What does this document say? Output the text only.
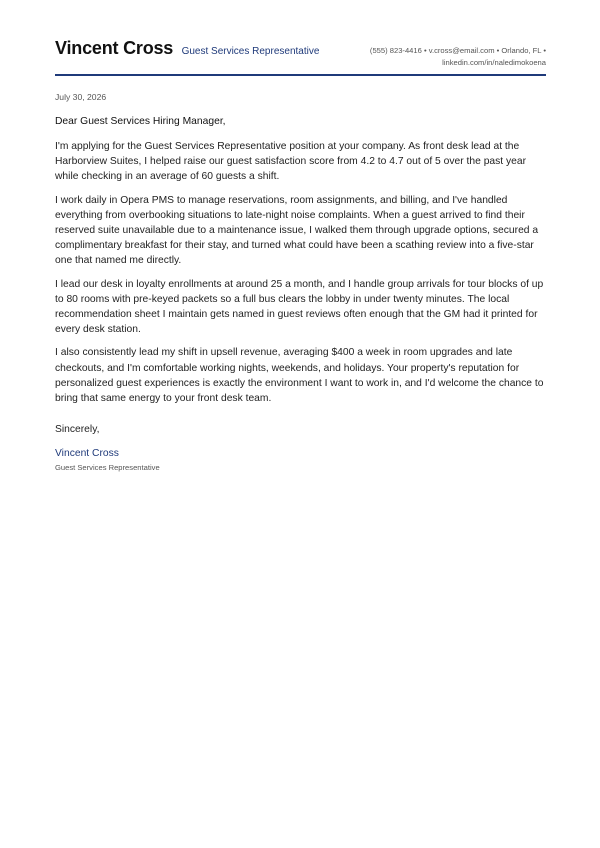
Vincent Cross Guest Services Representative	(555) 823-4416 • v.cross@email.com • Orlando, FL •
linkedin.com/in/naledimokoena
July 30, 2026
Dear Guest Services Hiring Manager,

I'm applying for the Guest Services Representative position at your company. As front desk lead at the Harborview Suites, I helped raise our guest satisfaction score from 4.2 to 4.7 out of 5 over the past year while checking in an average of 60 guests a shift.

I work daily in Opera PMS to manage reservations, room assignments, and billing, and I've handled everything from overbooking situations to late-night noise complaints. When a guest arrived to find their reserved suite unavailable due to a maintenance issue, I walked them through upgrade options, secured a complimentary breakfast for their stay, and turned what could have been a scathing review into a five-star one that named me directly.

I lead our desk in loyalty enrollments at around 25 a month, and I handle group arrivals for tour blocks of up to 80 rooms with pre-keyed packets so a full bus clears the lobby in under twenty minutes. The local recommendation sheet I maintain gets named in guest reviews often enough that the GM had it printed for every desk station.

I also consistently lead my shift in upsell revenue, averaging $400 a week in room upgrades and late checkouts, and I'm comfortable working nights, weekends, and holidays. Your property's reputation for personalized guest experiences is exactly the environment I want to work in, and I'd welcome the chance to bring that same energy to your front desk team.

Sincerely,
Vincent Cross
Guest Services Representative
